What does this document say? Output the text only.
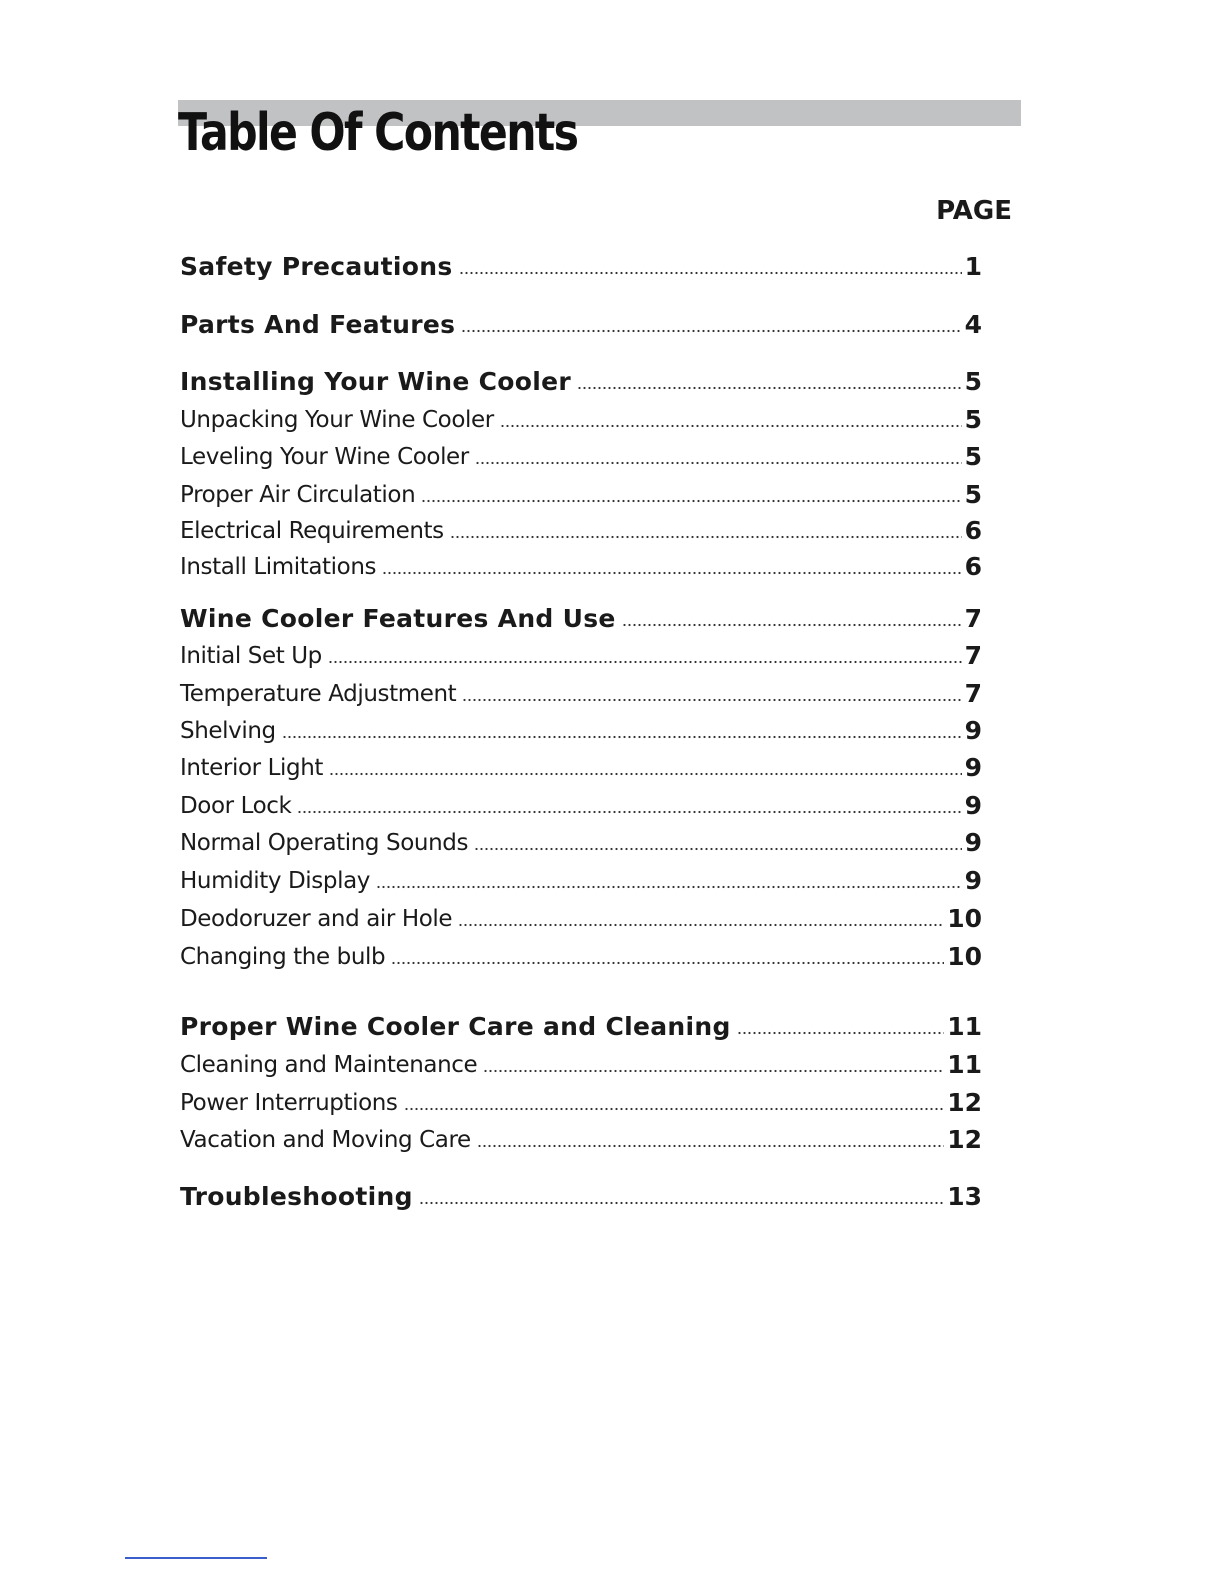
Table Of Contents
PAGE
Safety Precautions	1
Parts And Features	4
Installing Your Wine Cooler	5
Unpacking Your Wine Cooler	5
Leveling Your Wine Cooler	5
Proper Air Circulation	5
Electrical Requirements	6
Install Limitations	6
Wine Cooler Features And Use	7
Initial Set Up	7
Temperature Adjustment	7
Shelving	9
Interior Light	9
Door Lock	9
Normal Operating Sounds	9
Humidity Display	9
Deodoruzer and air Hole	10
Changing the bulb	10
Proper Wine Cooler Care and Cleaning	11
Cleaning and Maintenance	11
Power Interruptions	12
Vacation and Moving Care	12
Troubleshooting	13
